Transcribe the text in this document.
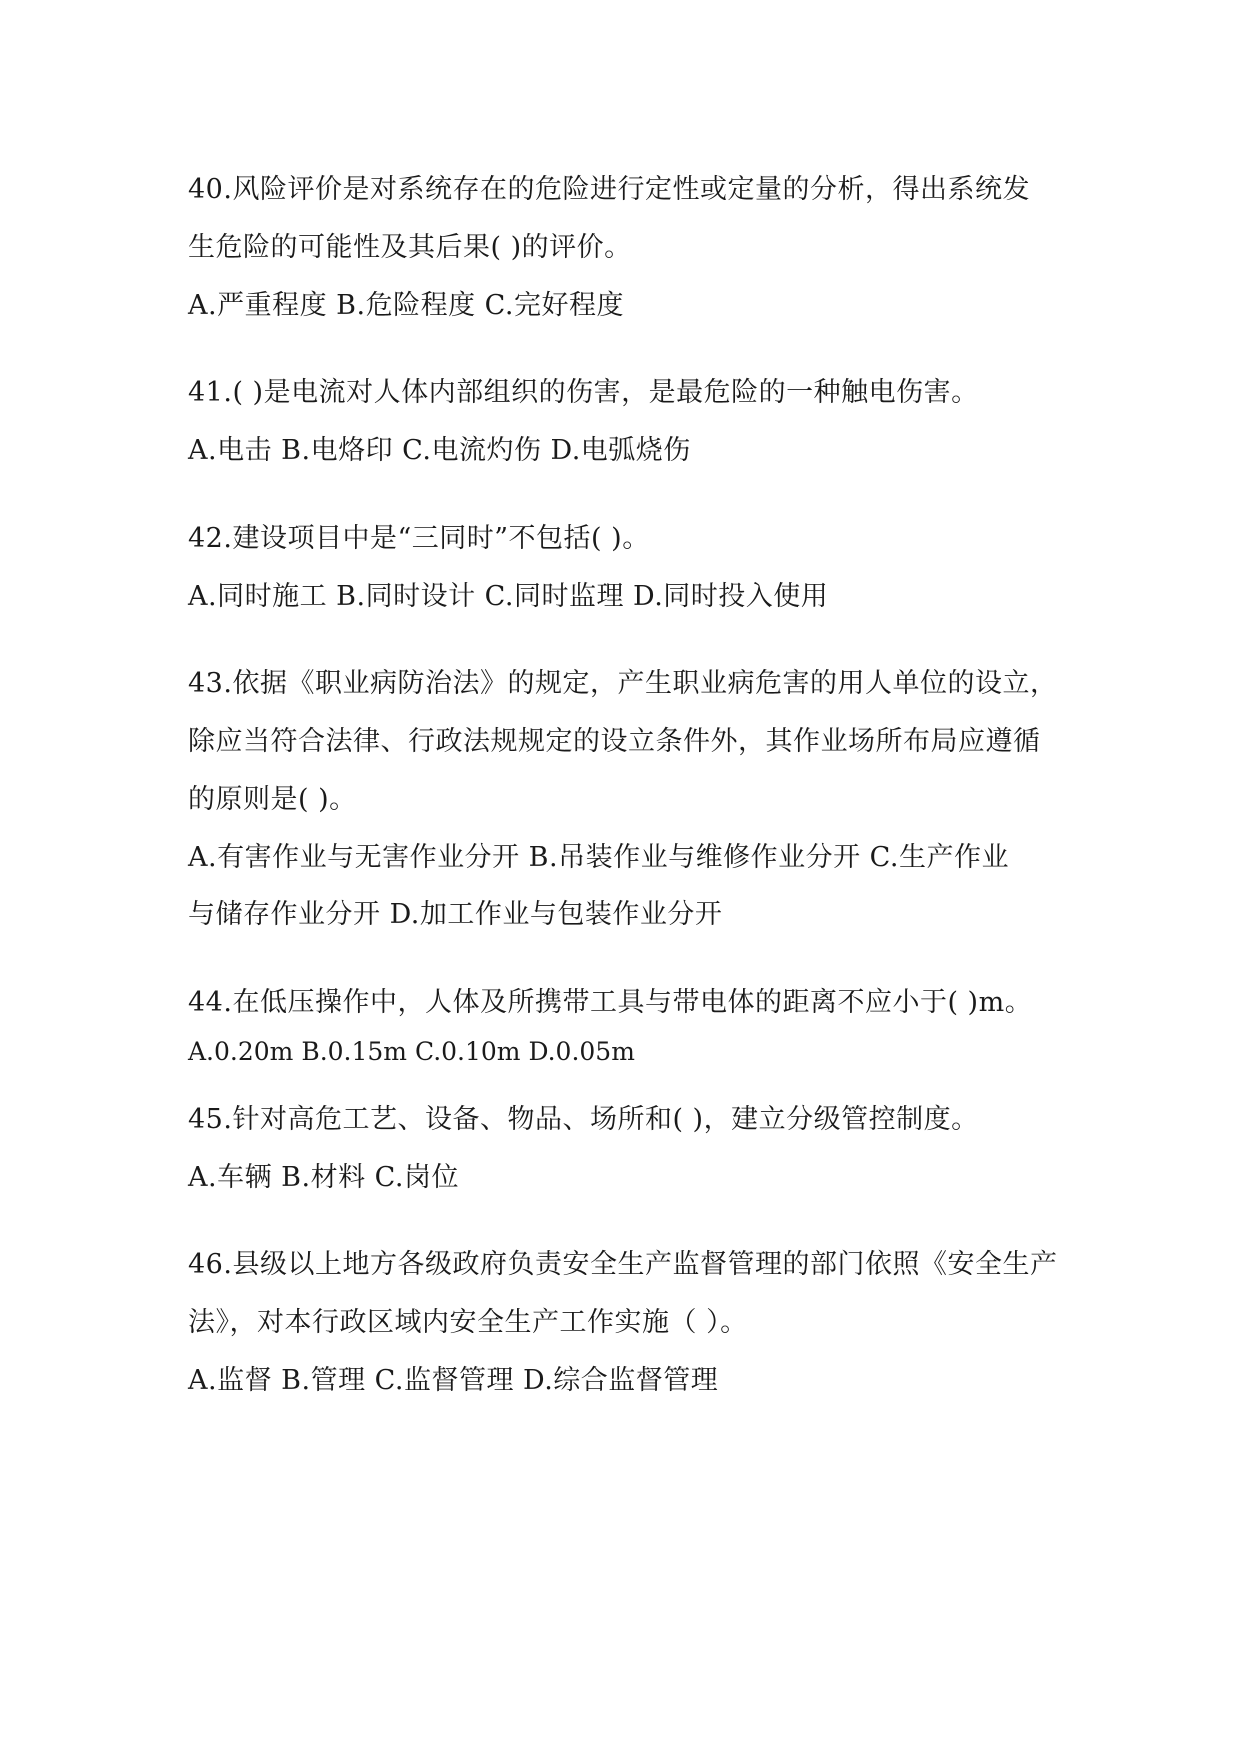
40.风险评价是对系统存在的危险进行定性或定量的分析，得出系统发
生危险的可能性及其后果( )的评价。
A.严重程度 B.危险程度 C.完好程度
41.( )是电流对人体内部组织的伤害，是最危险的一种触电伤害。
A.电击 B.电烙印 C.电流灼伤 D.电弧烧伤
42.建设项目中是“三同时”不包括( )。
A.同时施工 B.同时设计 C.同时监理 D.同时投入使用
43.依据《职业病防治法》的规定，产生职业病危害的用人单位的设立，
除应当符合法律、行政法规规定的设立条件外，其作业场所布局应遵循
的原则是( )。
A.有害作业与无害作业分开 B.吊装作业与维修作业分开 C.生产作业
与储存作业分开 D.加工作业与包装作业分开
44.在低压操作中，人体及所携带工具与带电体的距离不应小于( )m。
A.0.20m B.0.15m C.0.10m D.0.05m
45.针对高危工艺、设备、物品、场所和( )，建立分级管控制度。
A.车辆 B.材料 C.岗位
46.县级以上地方各级政府负责安全生产监督管理的部门依照《安全生产
法》，对本行政区域内安全生产工作实施（ ）。
A.监督 B.管理 C.监督管理 D.综合监督管理
